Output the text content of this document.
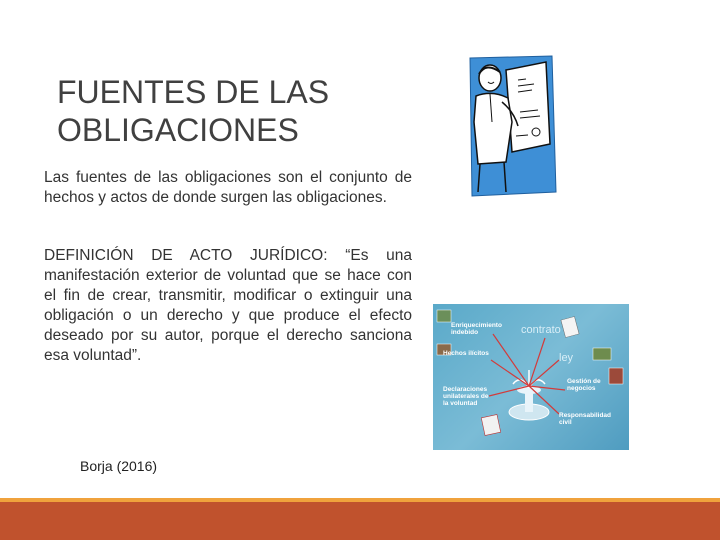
FUENTES DE LAS
OBLIGACIONES
Las fuentes de las obligaciones son el conjunto de hechos y actos de donde surgen las obligaciones.
DEFINICIÓN DE ACTO JURÍDICO: “Es una manifestación exterior de voluntad que se hace con el fin de crear, transmitir, modificar o extinguir una obligación o un derecho y que produce el efecto deseado por su autor, porque el derecho sanciona esa voluntad”.
Borja (2016)
Enriquecimiento indebido	contrato
Hechos ilícitos	ley
Declaraciones unilaterales de la voluntad
Gestión de negocios
Responsabilidad civil
